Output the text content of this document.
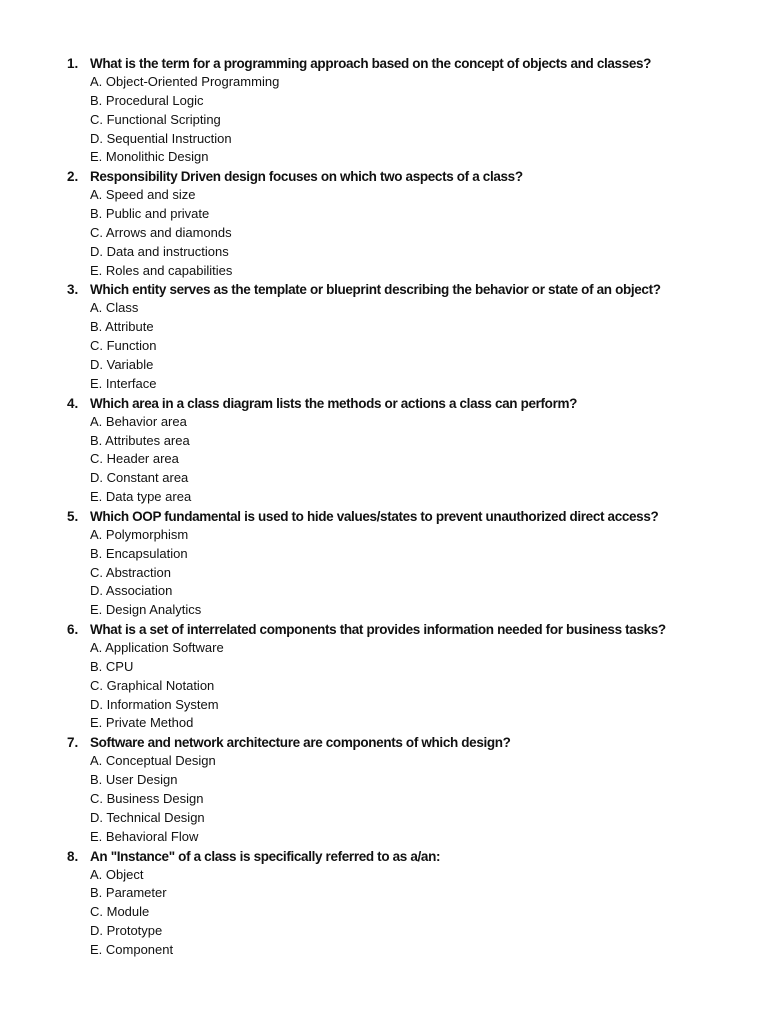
1. What is the term for a programming approach based on the concept of objects and classes?
A. Object-Oriented Programming
B. Procedural Logic
C. Functional Scripting
D. Sequential Instruction
E. Monolithic Design
2. Responsibility Driven design focuses on which two aspects of a class?
A. Speed and size
B. Public and private
C. Arrows and diamonds
D. Data and instructions
E. Roles and capabilities
3. Which entity serves as the template or blueprint describing the behavior or state of an object?
A. Class
B. Attribute
C. Function
D. Variable
E. Interface
4. Which area in a class diagram lists the methods or actions a class can perform?
A. Behavior area
B. Attributes area
C. Header area
D. Constant area
E. Data type area
5. Which OOP fundamental is used to hide values/states to prevent unauthorized direct access?
A. Polymorphism
B. Encapsulation
C. Abstraction
D. Association
E. Design Analytics
6. What is a set of interrelated components that provides information needed for business tasks?
A. Application Software
B. CPU
C. Graphical Notation
D. Information System
E. Private Method
7. Software and network architecture are components of which design?
A. Conceptual Design
B. User Design
C. Business Design
D. Technical Design
E. Behavioral Flow
8. An "Instance" of a class is specifically referred to as a/an:
A. Object
B. Parameter
C. Module
D. Prototype
E. Component
